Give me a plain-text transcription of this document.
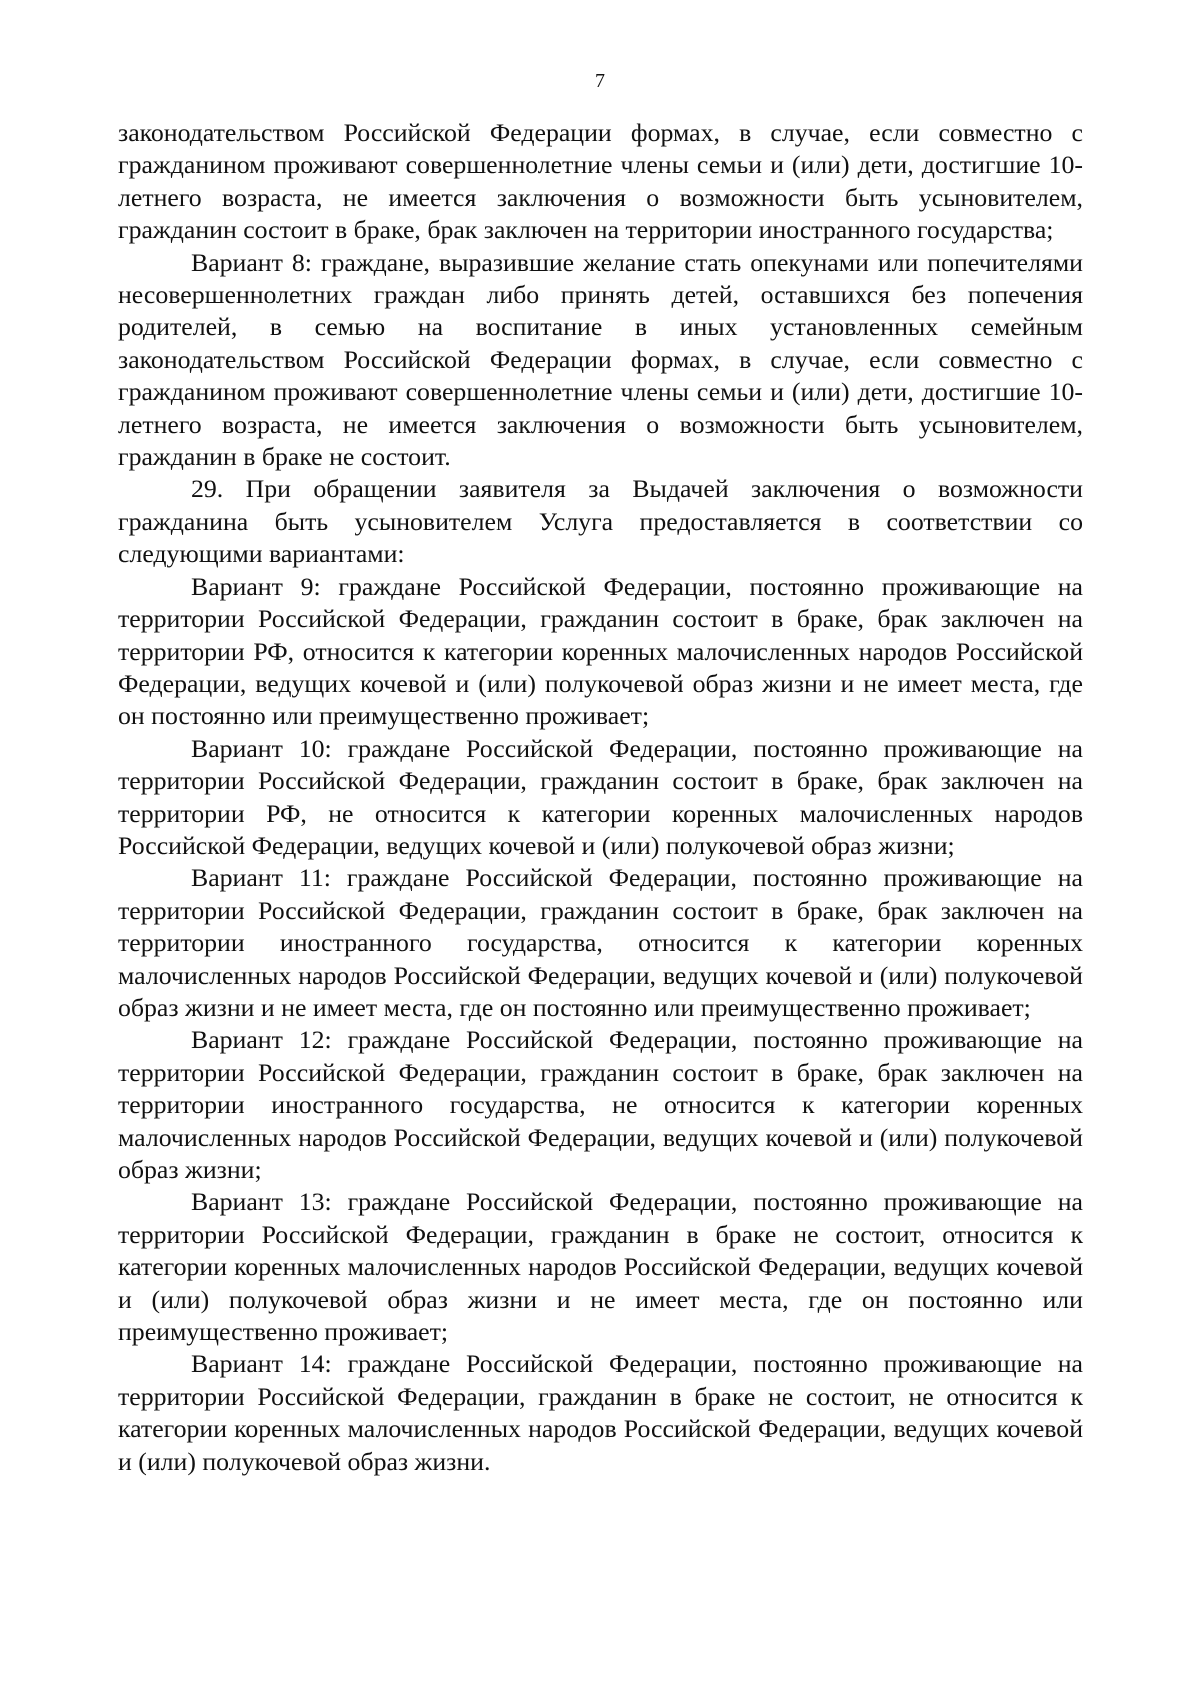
7

законодательством Российской Федерации формах, в случае, если совместно с гражданином проживают совершеннолетние члены семьи и (или) дети, достигшие 10-летнего возраста, не имеется заключения о возможности быть усыновителем, гражданин состоит в браке, брак заключен на территории иностранного государства;

Вариант 8: граждане, выразившие желание стать опекунами или попечителями несовершеннолетних граждан либо принять детей, оставшихся без попечения родителей, в семью на воспитание в иных установленных семейным законодательством Российской Федерации формах, в случае, если совместно с гражданином проживают совершеннолетние члены семьи и (или) дети, достигшие 10-летнего возраста, не имеется заключения о возможности быть усыновителем, гражданин в браке не состоит.

29. При обращении заявителя за Выдачей заключения о возможности гражданина быть усыновителем Услуга предоставляется в соответствии со следующими вариантами:

Вариант 9: граждане Российской Федерации, постоянно проживающие на территории Российской Федерации, гражданин состоит в браке, брак заключен на территории РФ, относится к категории коренных малочисленных народов Российской Федерации, ведущих кочевой и (или) полукочевой образ жизни и не имеет места, где он постоянно или преимущественно проживает;

Вариант 10: граждане Российской Федерации, постоянно проживающие на территории Российской Федерации, гражданин состоит в браке, брак заключен на территории РФ, не относится к категории коренных малочисленных народов Российской Федерации, ведущих кочевой и (или) полукочевой образ жизни;

Вариант 11: граждане Российской Федерации, постоянно проживающие на территории Российской Федерации, гражданин состоит в браке, брак заключен на территории иностранного государства, относится к категории коренных малочисленных народов Российской Федерации, ведущих кочевой и (или) полукочевой образ жизни и не имеет места, где он постоянно или преимущественно проживает;

Вариант 12: граждане Российской Федерации, постоянно проживающие на территории Российской Федерации, гражданин состоит в браке, брак заключен на территории иностранного государства, не относится к категории коренных малочисленных народов Российской Федерации, ведущих кочевой и (или) полукочевой образ жизни;

Вариант 13: граждане Российской Федерации, постоянно проживающие на территории Российской Федерации, гражданин в браке не состоит, относится к категории коренных малочисленных народов Российской Федерации, ведущих кочевой и (или) полукочевой образ жизни и не имеет места, где он постоянно или преимущественно проживает;

Вариант 14: граждане Российской Федерации, постоянно проживающие на территории Российской Федерации, гражданин в браке не состоит, не относится к категории коренных малочисленных народов Российской Федерации, ведущих кочевой и (или) полукочевой образ жизни.
